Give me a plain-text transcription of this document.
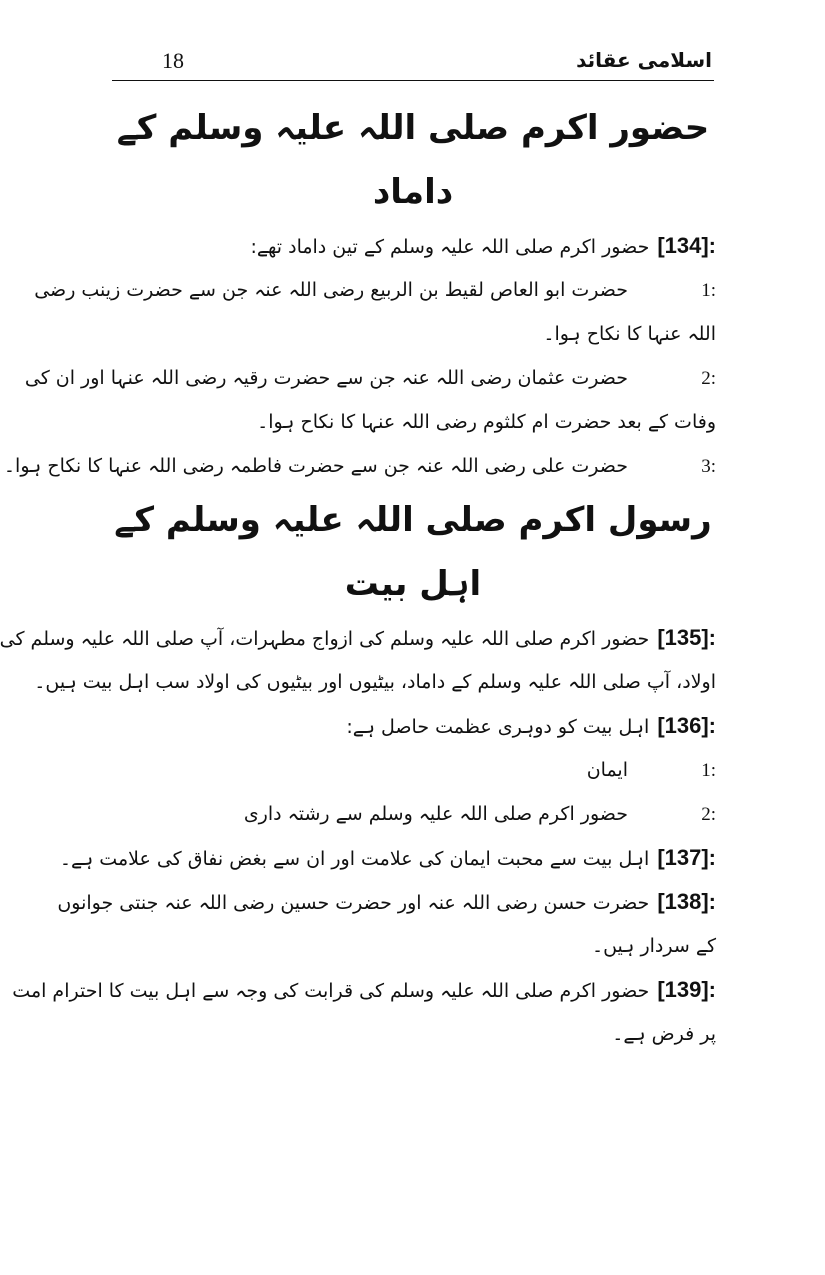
18	اسلامی عقائد
حضور اکرم صلی اللہ علیہ وسلم کے داماد
[134]:حضور اکرم صلی اللہ علیہ وسلم کے تین داماد تھے:
1:حضرت ابو العاص لقیط بن الربیع رضی اللہ عنہ جن سے حضرت زینب رضی
اللہ عنہا کا نکاح ہوا۔
2:حضرت عثمان رضی اللہ عنہ جن سے حضرت رقیہ رضی اللہ عنہا اور ان کی
وفات کے بعد حضرت ام کلثوم رضی اللہ عنہا کا نکاح ہوا۔
3:حضرت علی رضی اللہ عنہ جن سے حضرت فاطمہ رضی اللہ عنہا کا نکاح ہوا۔
رسول اکرم صلی اللہ علیہ وسلم کے اہل بیت
[135]:حضور اکرم صلی اللہ علیہ وسلم کی ازواج مطہرات، آپ صلی اللہ علیہ وسلم کی
اولاد، آپ صلی اللہ علیہ وسلم کے داماد، بیٹیوں اور بیٹیوں کی اولاد سب اہل بیت ہیں۔
[136]:اہل بیت کو دوہری عظمت حاصل ہے:
1:ایمان
2:حضور اکرم صلی اللہ علیہ وسلم سے رشتہ داری
[137]:اہل بیت سے محبت ایمان کی علامت اور ان سے بغض نفاق کی علامت ہے۔
[138]:حضرت حسن رضی اللہ عنہ اور حضرت حسین رضی اللہ عنہ جنتی جوانوں
کے سردار ہیں۔
[139]:حضور اکرم صلی اللہ علیہ وسلم کی قرابت کی وجہ سے اہل بیت کا احترام امت
پر فرض ہے۔
